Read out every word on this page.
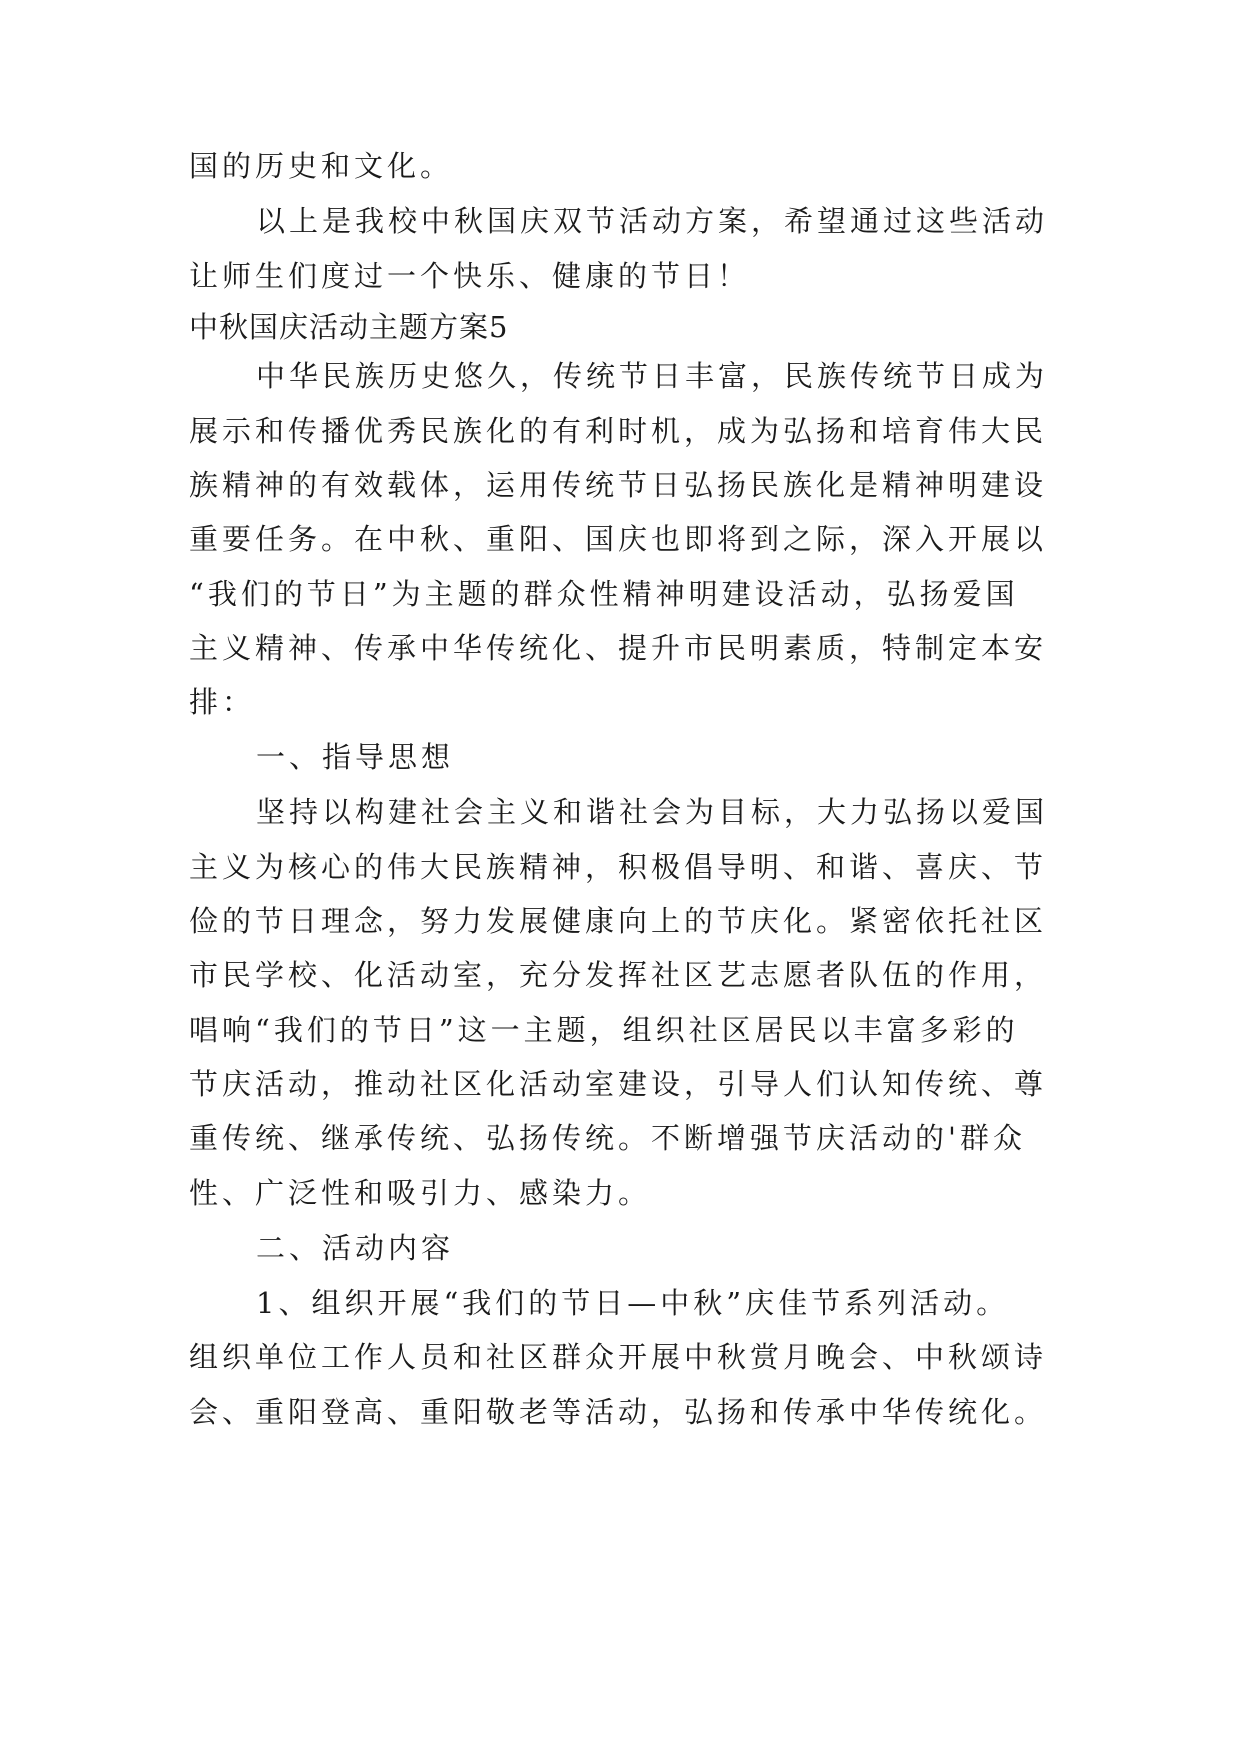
国的历史和文化。
以上是我校中秋国庆双节活动方案，希望通过这些活动
让师生们度过一个快乐、健康的节日！
中秋国庆活动主题方案5
中华民族历史悠久，传统节日丰富，民族传统节日成为
展示和传播优秀民族化的有利时机，成为弘扬和培育伟大民
族精神的有效载体，运用传统节日弘扬民族化是精神明建设
重要任务。在中秋、重阳、国庆也即将到之际，深入开展以
“我们的节日”为主题的群众性精神明建设活动，弘扬爱国
主义精神、传承中华传统化、提升市民明素质，特制定本安
排：
一、指导思想
坚持以构建社会主义和谐社会为目标，大力弘扬以爱国
主义为核心的伟大民族精神，积极倡导明、和谐、喜庆、节
俭的节日理念，努力发展健康向上的节庆化。紧密依托社区
市民学校、化活动室，充分发挥社区艺志愿者队伍的作用，
唱响“我们的节日”这一主题，组织社区居民以丰富多彩的
节庆活动，推动社区化活动室建设，引导人们认知传统、尊
重传统、继承传统、弘扬传统。不断增强节庆活动的'群众
性、广泛性和吸引力、感染力。
二、活动内容
1、组织开展“我们的节日—中秋”庆佳节系列活动。
组织单位工作人员和社区群众开展中秋赏月晚会、中秋颂诗
会、重阳登高、重阳敬老等活动，弘扬和传承中华传统化。
